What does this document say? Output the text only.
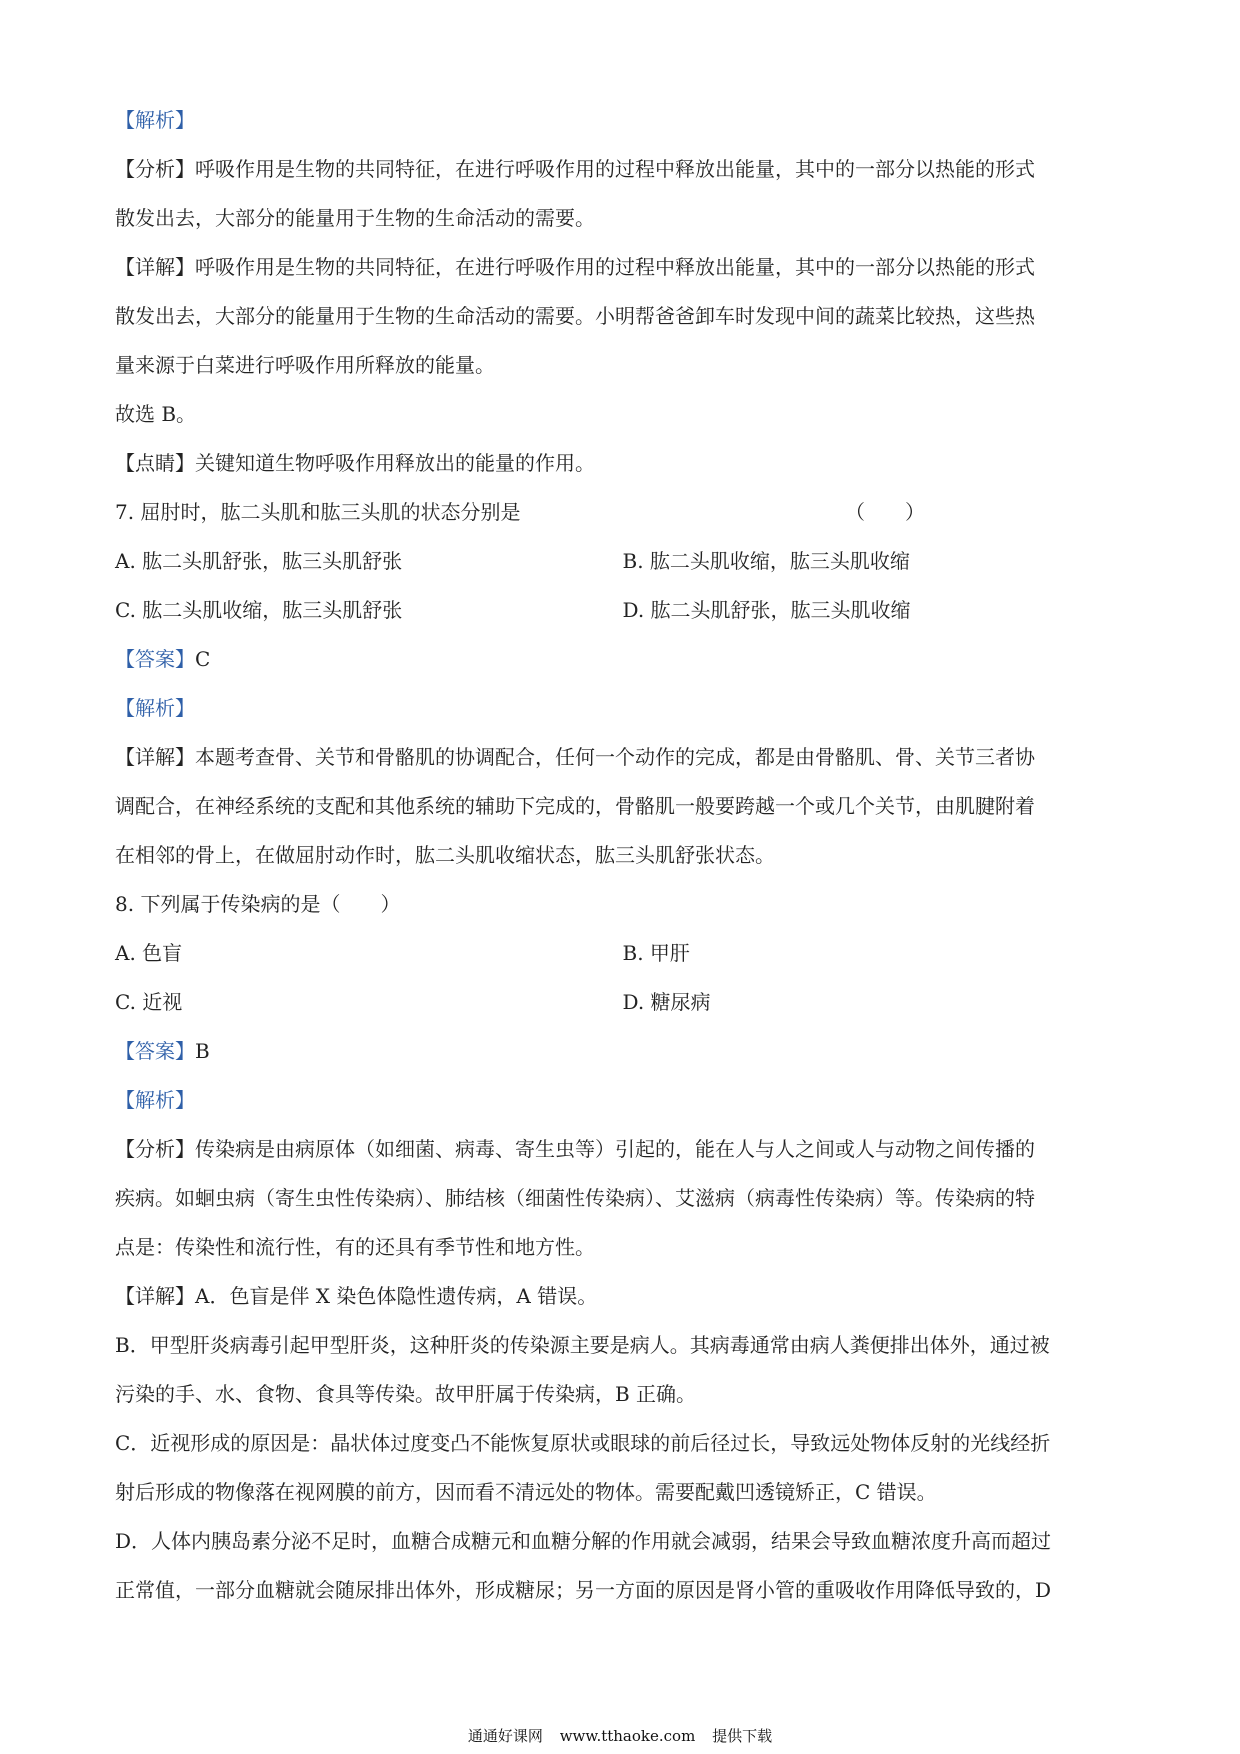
【解析】
【分析】呼吸作用是生物的共同特征，在进行呼吸作用的过程中释放出能量，其中的一部分以热能的形式
散发出去，大部分的能量用于生物的生命活动的需要。
【详解】呼吸作用是生物的共同特征，在进行呼吸作用的过程中释放出能量，其中的一部分以热能的形式
散发出去，大部分的能量用于生物的生命活动的需要。小明帮爸爸卸车时发现中间的蔬菜比较热，这些热
量来源于白菜进行呼吸作用所释放的能量。
故选 B。
【点睛】关键知道生物呼吸作用释放出的能量的作用。
7. 屈肘时，肱二头肌和肱三头肌的状态分别是	（　　）
A. 肱二头肌舒张，肱三头肌舒张	B. 肱二头肌收缩，肱三头肌收缩
C. 肱二头肌收缩，肱三头肌舒张	D. 肱二头肌舒张，肱三头肌收缩
【答案】C
【解析】
【详解】本题考查骨、关节和骨骼肌的协调配合，任何一个动作的完成，都是由骨骼肌、骨、关节三者协
调配合，在神经系统的支配和其他系统的辅助下完成的，骨骼肌一般要跨越一个或几个关节，由肌腱附着
在相邻的骨上，在做屈肘动作时，肱二头肌收缩状态，肱三头肌舒张状态。
8. 下列属于传染病的是（　　）
A. 色盲	B. 甲肝
C. 近视	D. 糖尿病
【答案】B
【解析】
【分析】传染病是由病原体（如细菌、病毒、寄生虫等）引起的，能在人与人之间或人与动物之间传播的
疾病。如蛔虫病（寄生虫性传染病）、肺结核（细菌性传染病）、艾滋病（病毒性传染病）等。传染病的特
点是：传染性和流行性，有的还具有季节性和地方性。
【详解】A．色盲是伴 X 染色体隐性遗传病，A 错误。
B．甲型肝炎病毒引起甲型肝炎，这种肝炎的传染源主要是病人。其病毒通常由病人粪便排出体外，通过被
污染的手、水、食物、食具等传染。故甲肝属于传染病，B 正确。
C．近视形成的原因是：晶状体过度变凸不能恢复原状或眼球的前后径过长，导致远处物体反射的光线经折
射后形成的物像落在视网膜的前方，因而看不清远处的物体。需要配戴凹透镜矫正，C 错误。
D．人体内胰岛素分泌不足时，血糖合成糖元和血糖分解的作用就会减弱，结果会导致血糖浓度升高而超过
正常值，一部分血糖就会随尿排出体外，形成糖尿；另一方面的原因是肾小管的重吸收作用降低导致的，D
通通好课网 www.tthaoke.com 提供下载
